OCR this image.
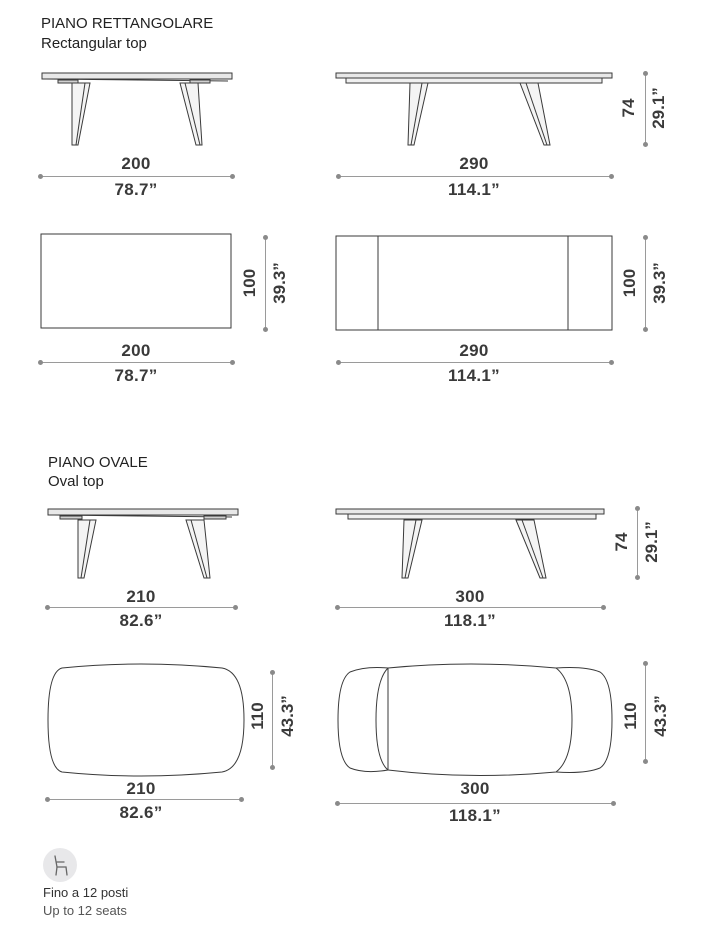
PIANO RETTANGOLARE
Rectangular top
200
78.7”
290
114.1”
74 29.1”
100 39.3”
200
78.7”
100 39.3”
290
114.1”
PIANO OVALE
Oval top
210
82.6”
300
118.1”
74 29.1”
110 43.3”
210
82.6”
110 43.3”
300
118.1”
Fino a 12 posti
Up to 12 seats
